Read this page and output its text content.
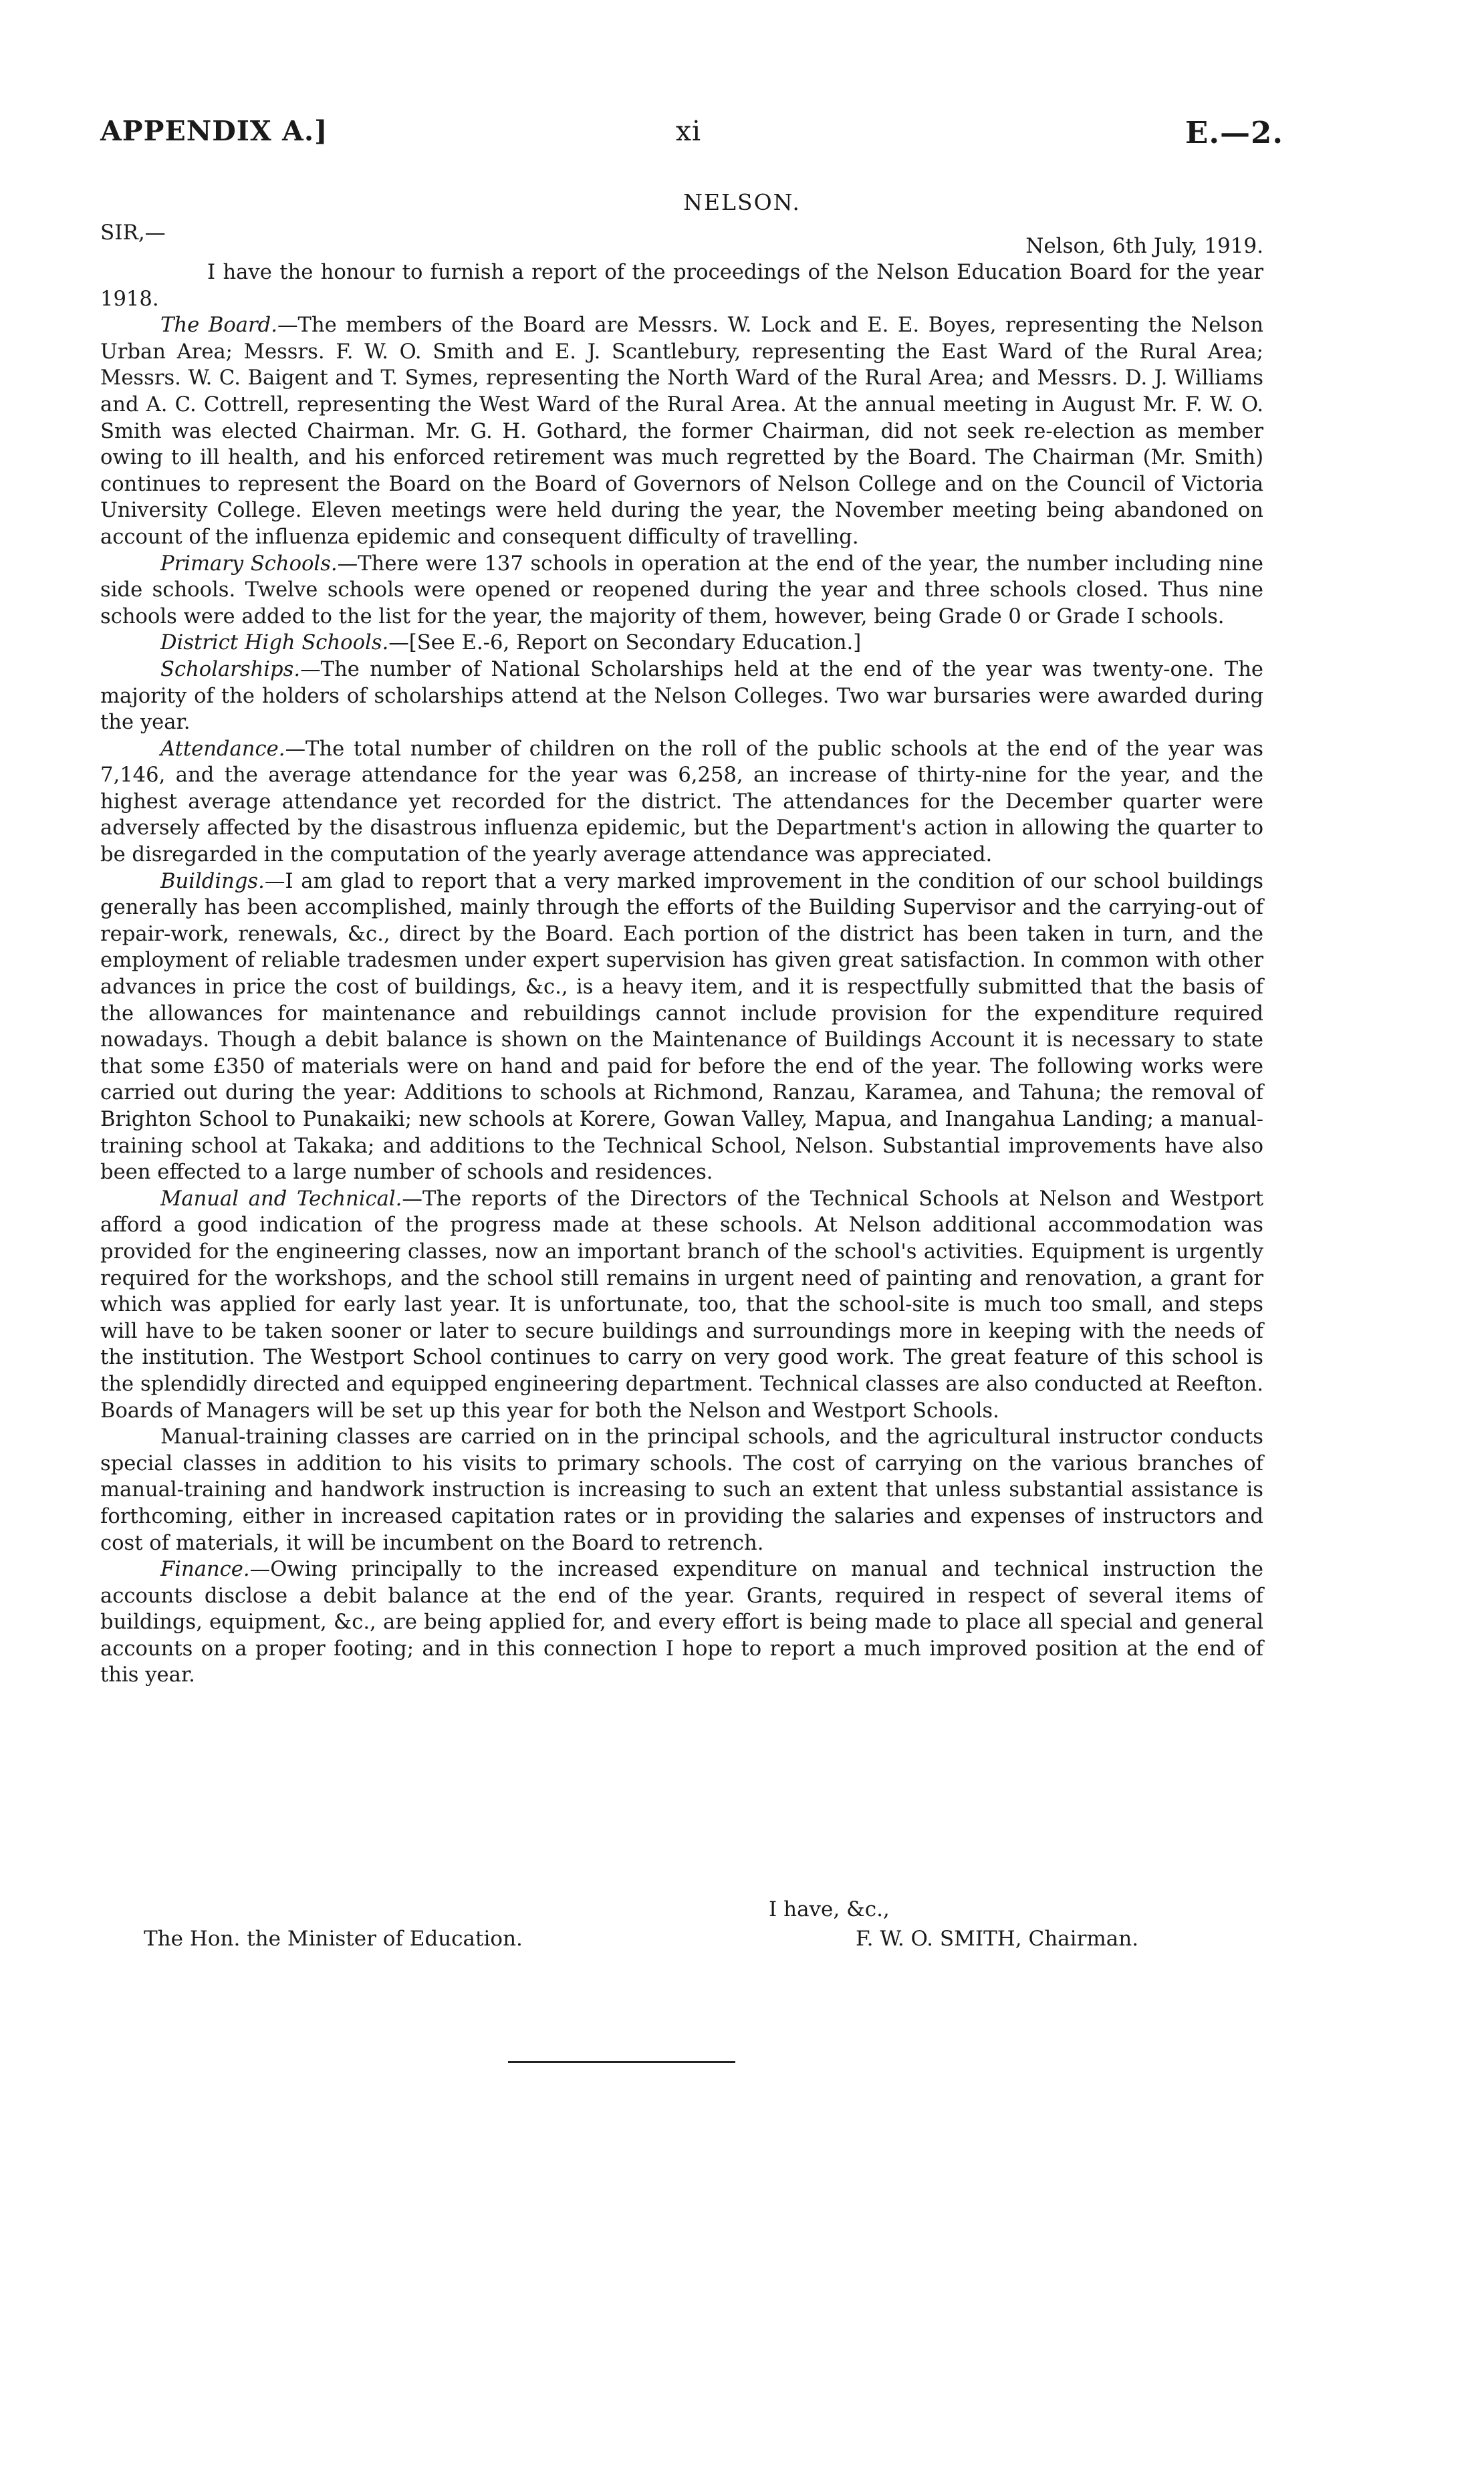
APPENDIX A.]	xi	E.—2.
NELSON.
SIR,—
Nelson, 6th July, 1919.

I have the honour to furnish a report of the proceedings of the Nelson Education Board for the year 1918.

The Board.—The members of the Board are Messrs. W. Lock and E. E. Boyes, representing the Nelson Urban Area; Messrs. F. W. O. Smith and E. J. Scantlebury, representing the East Ward of the Rural Area; Messrs. W. C. Baigent and T. Symes, representing the North Ward of the Rural Area; and Messrs. D. J. Williams and A. C. Cottrell, representing the West Ward of the Rural Area. At the annual meeting in August Mr. F. W. O. Smith was elected Chairman. Mr. G. H. Gothard, the former Chairman, did not seek re-election as member owing to ill health, and his enforced retirement was much regretted by the Board. The Chairman (Mr. Smith) continues to represent the Board on the Board of Governors of Nelson College and on the Council of Victoria University College. Eleven meetings were held during the year, the November meeting being abandoned on account of the influenza epidemic and consequent difficulty of travelling.

Primary Schools.—There were 137 schools in operation at the end of the year, the number including nine side schools. Twelve schools were opened or reopened during the year and three schools closed. Thus nine schools were added to the list for the year, the majority of them, however, being Grade 0 or Grade I schools.

District High Schools.—[See E.-6, Report on Secondary Education.]

Scholarships.—The number of National Scholarships held at the end of the year was twenty-one. The majority of the holders of scholarships attend at the Nelson Colleges. Two war bursaries were awarded during the year.

Attendance.—The total number of children on the roll of the public schools at the end of the year was 7,146, and the average attendance for the year was 6,258, an increase of thirty-nine for the year, and the highest average attendance yet recorded for the district. The attendances for the December quarter were adversely affected by the disastrous influenza epidemic, but the Department's action in allowing the quarter to be disregarded in the computation of the yearly average attendance was appreciated.

Buildings.—I am glad to report that a very marked improvement in the condition of our school buildings generally has been accomplished, mainly through the efforts of the Building Supervisor and the carrying-out of repair-work, renewals, &c., direct by the Board. Each portion of the district has been taken in turn, and the employment of reliable tradesmen under expert supervision has given great satisfaction. In common with other advances in price the cost of buildings, &c., is a heavy item, and it is respectfully submitted that the basis of the allowances for maintenance and rebuildings cannot include provision for the expenditure required nowadays. Though a debit balance is shown on the Maintenance of Buildings Account it is necessary to state that some £350 of materials were on hand and paid for before the end of the year. The following works were carried out during the year: Additions to schools at Richmond, Ranzau, Karamea, and Tahuna; the removal of Brighton School to Punakaiki; new schools at Korere, Gowan Valley, Mapua, and Inangahua Landing; a manual-training school at Takaka; and additions to the Technical School, Nelson. Substantial improvements have also been effected to a large number of schools and residences.

Manual and Technical.—The reports of the Directors of the Technical Schools at Nelson and Westport afford a good indication of the progress made at these schools. At Nelson additional accommodation was provided for the engineering classes, now an important branch of the school's activities. Equipment is urgently required for the workshops, and the school still remains in urgent need of painting and renovation, a grant for which was applied for early last year. It is unfortunate, too, that the school-site is much too small, and steps will have to be taken sooner or later to secure buildings and surroundings more in keeping with the needs of the institution. The Westport School continues to carry on very good work. The great feature of this school is the splendidly directed and equipped engineering department. Technical classes are also conducted at Reefton. Boards of Managers will be set up this year for both the Nelson and Westport Schools.

Manual-training classes are carried on in the principal schools, and the agricultural instructor conducts special classes in addition to his visits to primary schools. The cost of carrying on the various branches of manual-training and handwork instruction is increasing to such an extent that unless substantial assistance is forthcoming, either in increased capitation rates or in providing the salaries and expenses of instructors and cost of materials, it will be incumbent on the Board to retrench.

Finance.—Owing principally to the increased expenditure on manual and technical instruction the accounts disclose a debit balance at the end of the year. Grants, required in respect of several items of buildings, equipment, &c., are being applied for, and every effort is being made to place all special and general accounts on a proper footing; and in this connection I hope to report a much improved position at the end of this year.

I have, &c.,
The Hon. the Minister of Education.	F. W. O. SMITH, Chairman.
